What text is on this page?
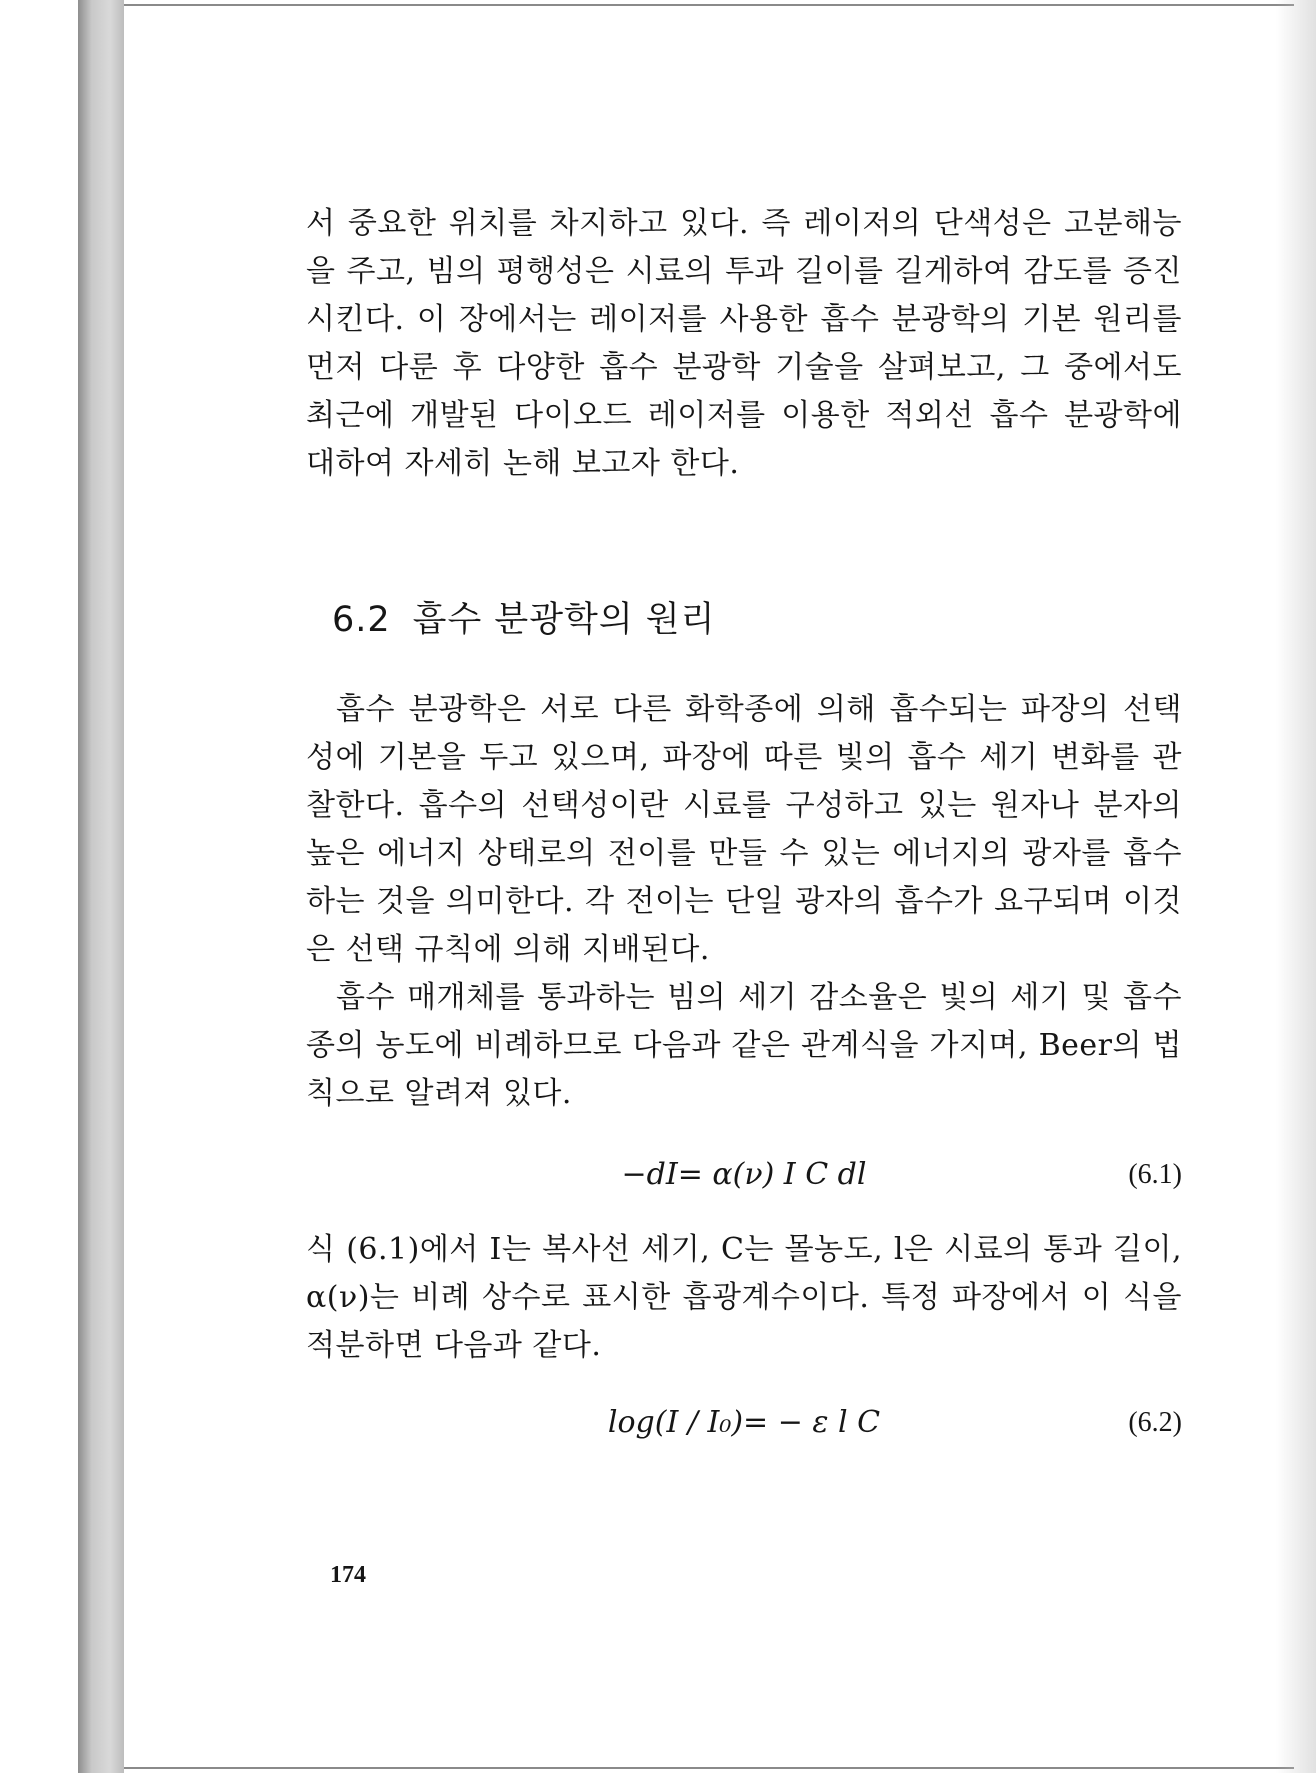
서 중요한 위치를 차지하고 있다. 즉 레이저의 단색성은 고분해능을 주고, 빔의 평행성은 시료의 투과 길이를 길게하여 감도를 증진시킨다. 이 장에서는 레이저를 사용한 흡수 분광학의 기본 원리를 먼저 다룬 후 다양한 흡수 분광학 기술을 살펴보고, 그 중에서도 최근에 개발된 다이오드 레이저를 이용한 적외선 흡수 분광학에 대하여 자세히 논해 보고자 한다.

6.2 흡수 분광학의 원리

흡수 분광학은 서로 다른 화학종에 의해 흡수되는 파장의 선택성에 기본을 두고 있으며, 파장에 따른 빛의 흡수 세기 변화를 관찰한다. 흡수의 선택성이란 시료를 구성하고 있는 원자나 분자의 높은 에너지 상태로의 전이를 만들 수 있는 에너지의 광자를 흡수하는 것을 의미한다. 각 전이는 단일 광자의 흡수가 요구되며 이것은 선택 규칙에 의해 지배된다.

흡수 매개체를 통과하는 빔의 세기 감소율은 빛의 세기 및 흡수종의 농도에 비례하므로 다음과 같은 관계식을 가지며, Beer의 법칙으로 알려져 있다.

−dI= α(ν) I C dl	(6.1)

식 (6.1)에서 I는 복사선 세기, C는 몰농도, l은 시료의 통과 길이, α(ν)는 비례 상수로 표시한 흡광계수이다. 특정 파장에서 이 식을 적분하면 다음과 같다.

log(I / I₀)= − ε l C	(6.2)
174
